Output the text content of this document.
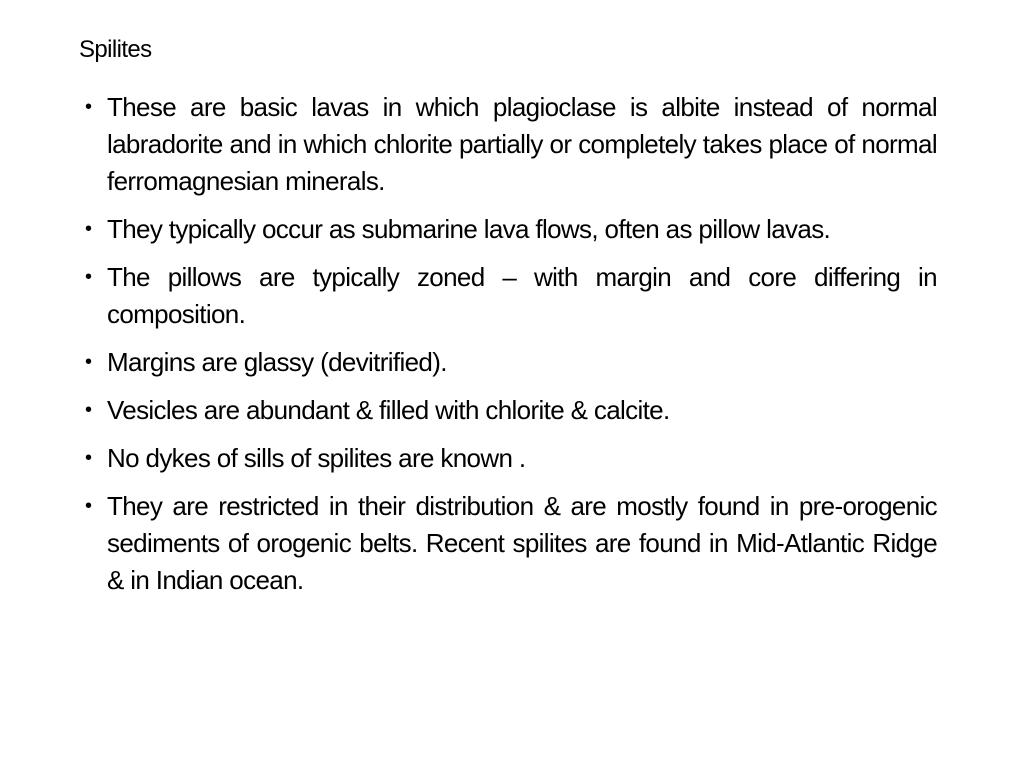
Spilites
• These are basic lavas in which plagioclase is albite instead of normal labradorite and in which chlorite partially or completely takes place of normal ferromagnesian minerals.
• They typically occur as submarine lava flows, often as pillow lavas.
• The pillows are typically zoned – with margin and core differing in composition.
• Margins are glassy (devitrified).
• Vesicles are abundant & filled with chlorite & calcite.
• No dykes of sills of spilites are known .
• They are restricted in their distribution & are mostly found in pre-orogenic sediments of orogenic belts. Recent spilites are found in Mid-Atlantic Ridge & in Indian ocean.
